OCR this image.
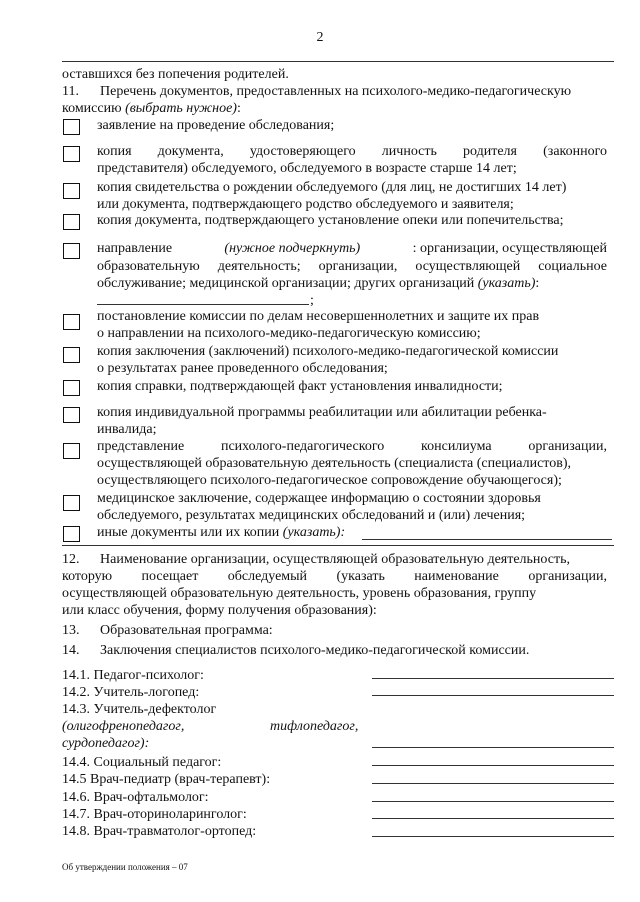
2
оставшихся без попечения родителей.
11. Перечень документов, предоставленных на психолого-медико-педагогическую
комиссию (выбрать нужное):
заявление на проведение обследования;
копия документа, удостоверяющего личность родителя (законного
представителя) обследуемого, обследуемого в возрасте старше 14 лет;
копия свидетельства о рождении обследуемого (для лиц, не достигших 14 лет)
или документа, подтверждающего родство обследуемого и заявителя;
копия документа, подтверждающего установление опеки или попечительства;
направление	(нужное подчеркнуть)	: организации, осуществляющей
образовательную деятельность; организации, осуществляющей социальное
обслуживание; медицинской организации; других организаций (указать):
;
постановление комиссии по делам несовершеннолетних и защите их прав
о направлении на психолого-медико-педагогическую комиссию;
копия заключения (заключений) психолого-медико-педагогической комиссии
о результатах ранее проведенного обследования;
копия справки, подтверждающей факт установления инвалидности;
копия индивидуальной программы реабилитации или абилитации ребенка-
инвалида;
представление психолого-педагогического консилиума организации,
осуществляющей образовательную деятельность (специалиста (специалистов),
осуществляющего психолого-педагогическое сопровождение обучающегося);
медицинское заключение, содержащее информацию о состоянии здоровья
обследуемого, результатах медицинских обследований и (или) лечения;
иные документы или их копии (указать):
12. Наименование организации, осуществляющей образовательную деятельность,
которую посещает обследуемый (указать наименование организации,
осуществляющей образовательную деятельность, уровень образования, группу
или класс обучения, форму получения образования):
13. Образовательная программа:
14. Заключения специалистов психолого-медико-педагогической комиссии.
14.1. Педагог-психолог:
14.2. Учитель-логопед:
14.3. Учитель-дефектолог
(олигофренопедагог,	тифлопедагог,
сурдопедагог):
14.4. Социальный педагог:
14.5 Врач-педиатр (врач-терапевт):
14.6. Врач-офтальмолог:
14.7. Врач-оториноларинголог:
14.8. Врач-травматолог-ортопед:
Об утверждении положения – 07
